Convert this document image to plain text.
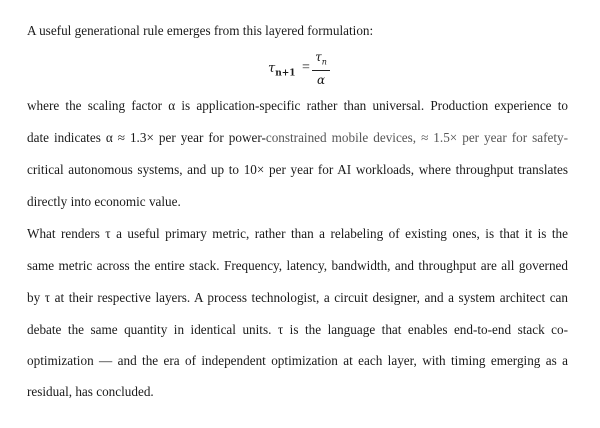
A useful generational rule emerges from this layered formulation:
$\tau_{n+1}$ =
$\tau_n$
α
where the scaling factor α is application-specific rather than universal. Production experience to
date indicates α ≈ 1.3× per year for power-constrained mobile devices, ≈ 1.5× per year for safety-
critical autonomous systems, and up to 10× per year for AI workloads, where throughput translates
directly into economic value.
What renders τ a useful primary metric, rather than a relabeling of existing ones, is that it is the
same metric across the entire stack. Frequency, latency, bandwidth, and throughput are all governed
by τ at their respective layers. A process technologist, a circuit designer, and a system architect can
debate the same quantity in identical units. τ is the language that enables end-to-end stack co-
optimization — and the era of independent optimization at each layer, with timing emerging as a
residual, has concluded.
